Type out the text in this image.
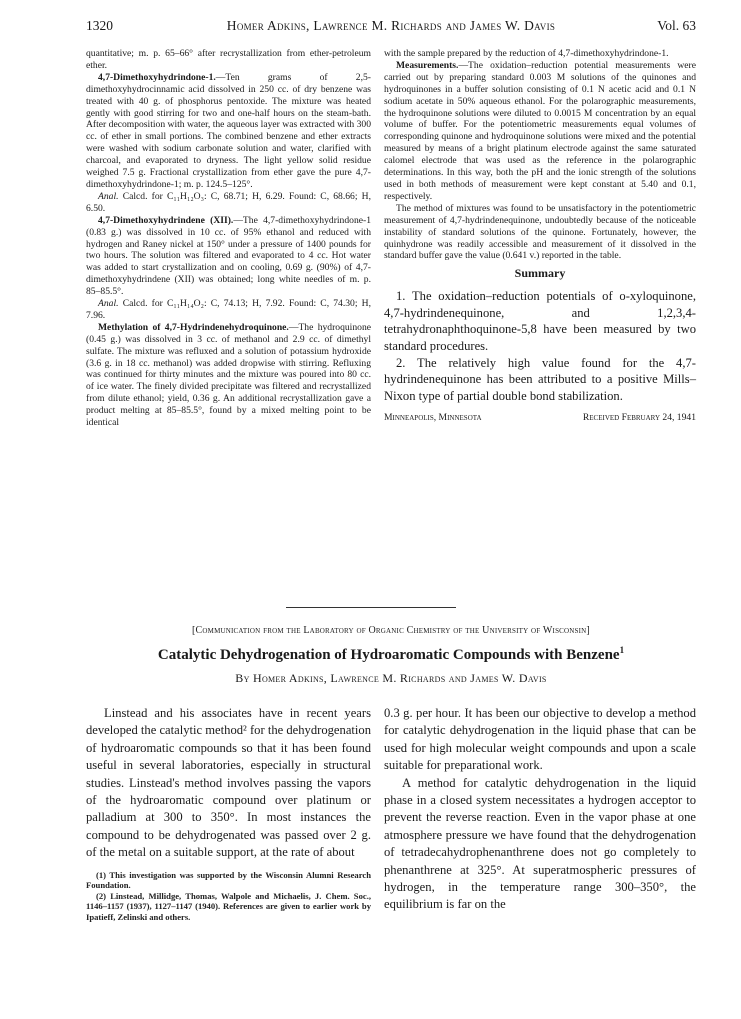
1320	Homer Adkins, Lawrence M. Richards and James W. Davis	Vol. 63

quantitative; m. p. 65–66° after recrystallization from ether-petroleum ether.

4,7-Dimethoxyhydrindone-1.—Ten grams of 2,5-dimethoxyhydrocinnamic acid dissolved in 250 cc. of dry benzene was treated with 40 g. of phosphorus pentoxide. The mixture was heated gently with good stirring for two and one-half hours on the steam-bath. After decomposition with water, the aqueous layer was extracted with 300 cc. of ether in small portions. The combined benzene and ether extracts were washed with sodium carbonate solution and water, clarified with charcoal, and evaporated to dryness. The light yellow solid residue weighed 7.5 g. Fractional crystallization from ether gave the pure 4,7-dimethoxyhydrindone-1; m. p. 124.5–125°.

Anal. Calcd. for C₁₁H₁₂O₃: C, 68.71; H, 6.29. Found: C, 68.66; H, 6.50.

4,7-Dimethoxyhydrindene (XII).—The 4,7-dimethoxyhydrindone-1 (0.83 g.) was dissolved in 10 cc. of 95% ethanol and reduced with hydrogen and Raney nickel at 150° under a pressure of 1400 pounds for two hours. The solution was filtered and evaporated to 4 cc. Hot water was added to start crystallization and on cooling, 0.69 g. (90%) of 4,7-dimethoxyhydrindene (XII) was obtained; long white needles of m. p. 85–85.5°.

Anal. Calcd. for C₁₁H₁₄O₂: C, 74.13; H, 7.92. Found: C, 74.30; H, 7.96.

Methylation of 4,7-Hydrindenehydroquinone.—The hydroquinone (0.45 g.) was dissolved in 3 cc. of methanol and 2.9 cc. of dimethyl sulfate. The mixture was refluxed and a solution of potassium hydroxide (3.6 g. in 18 cc. methanol) was added dropwise with stirring. Refluxing was continued for thirty minutes and the mixture was poured into 80 cc. of ice water. The finely divided precipitate was filtered and recrystallized from dilute ethanol; yield, 0.36 g. An additional recrystallization gave a product melting at 85–85.5°, found by a mixed melting point to be identical

with the sample prepared by the reduction of 4,7-dimethoxyhydrindone-1.

Measurements.—The oxidation–reduction potential measurements were carried out by preparing standard 0.003 M solutions of the quinones and hydroquinones in a buffer solution consisting of 0.1 N acetic acid and 0.1 N sodium acetate in 50% aqueous ethanol. For the polarographic measurements, the hydroquinone solutions were diluted to 0.0015 M concentration by an equal volume of buffer. For the potentiometric measurements equal volumes of corresponding quinone and hydroquinone solutions were mixed and the potential measured by means of a bright platinum electrode against the same saturated calomel electrode that was used as the reference in the polarographic determinations. In this way, both the pH and the ionic strength of the solutions used in both methods of measurement were kept constant at 5.40 and 0.1, respectively.

The method of mixtures was found to be unsatisfactory in the potentiometric measurement of 4,7-hydrindenequinone, undoubtedly because of the noticeable instability of standard solutions of the quinone. Fortunately, however, the quinhydrone was readily accessible and measurement of it dissolved in the standard buffer gave the value (0.641 v.) reported in the table.

Summary

1. The oxidation–reduction potentials of o-xyloquinone, 4,7-hydrindenequinone, and 1,2,3,4-tetrahydronaphthoquinone-5,8 have been measured by two standard procedures.

2. The relatively high value found for the 4,7-hydrindenequinone has been attributed to a positive Mills–Nixon type of partial double bond stabilization.

Minneapolis, Minnesota	Received February 24, 1941
[Communication from the Laboratory of Organic Chemistry of the University of Wisconsin]
Catalytic Dehydrogenation of Hydroaromatic Compounds with Benzene$^1$
By Homer Adkins, Lawrence M. Richards and James W. Davis

Linstead and his associates have in recent years developed the catalytic method² for the dehydrogenation of hydroaromatic compounds so that it has been found useful in several laboratories, especially in structural studies. Linstead's method involves passing the vapors of the hydroaromatic compound over platinum or palladium at 300 to 350°. In most instances the compound to be dehydrogenated was passed over 2 g. of the metal on a suitable support, at the rate of about

(1) This investigation was supported by the Wisconsin Alumni Research Foundation.

(2) Linstead, Millidge, Thomas, Walpole and Michaelis, J. Chem. Soc., 1146–1157 (1937), 1127–1147 (1940). References are given to earlier work by Ipatieff, Zelinski and others.

0.3 g. per hour. It has been our objective to develop a method for catalytic dehydrogenation in the liquid phase that can be used for high molecular weight compounds and upon a scale suitable for preparational work.

A method for catalytic dehydrogenation in the liquid phase in a closed system necessitates a hydrogen acceptor to prevent the reverse reaction. Even in the vapor phase at one atmosphere pressure we have found that the dehydrogenation of tetradecahydrophenanthrene does not go completely to phenanthrene at 325°. At superatmospheric pressures of hydrogen, in the temperature range 300–350°, the equilibrium is far on the
